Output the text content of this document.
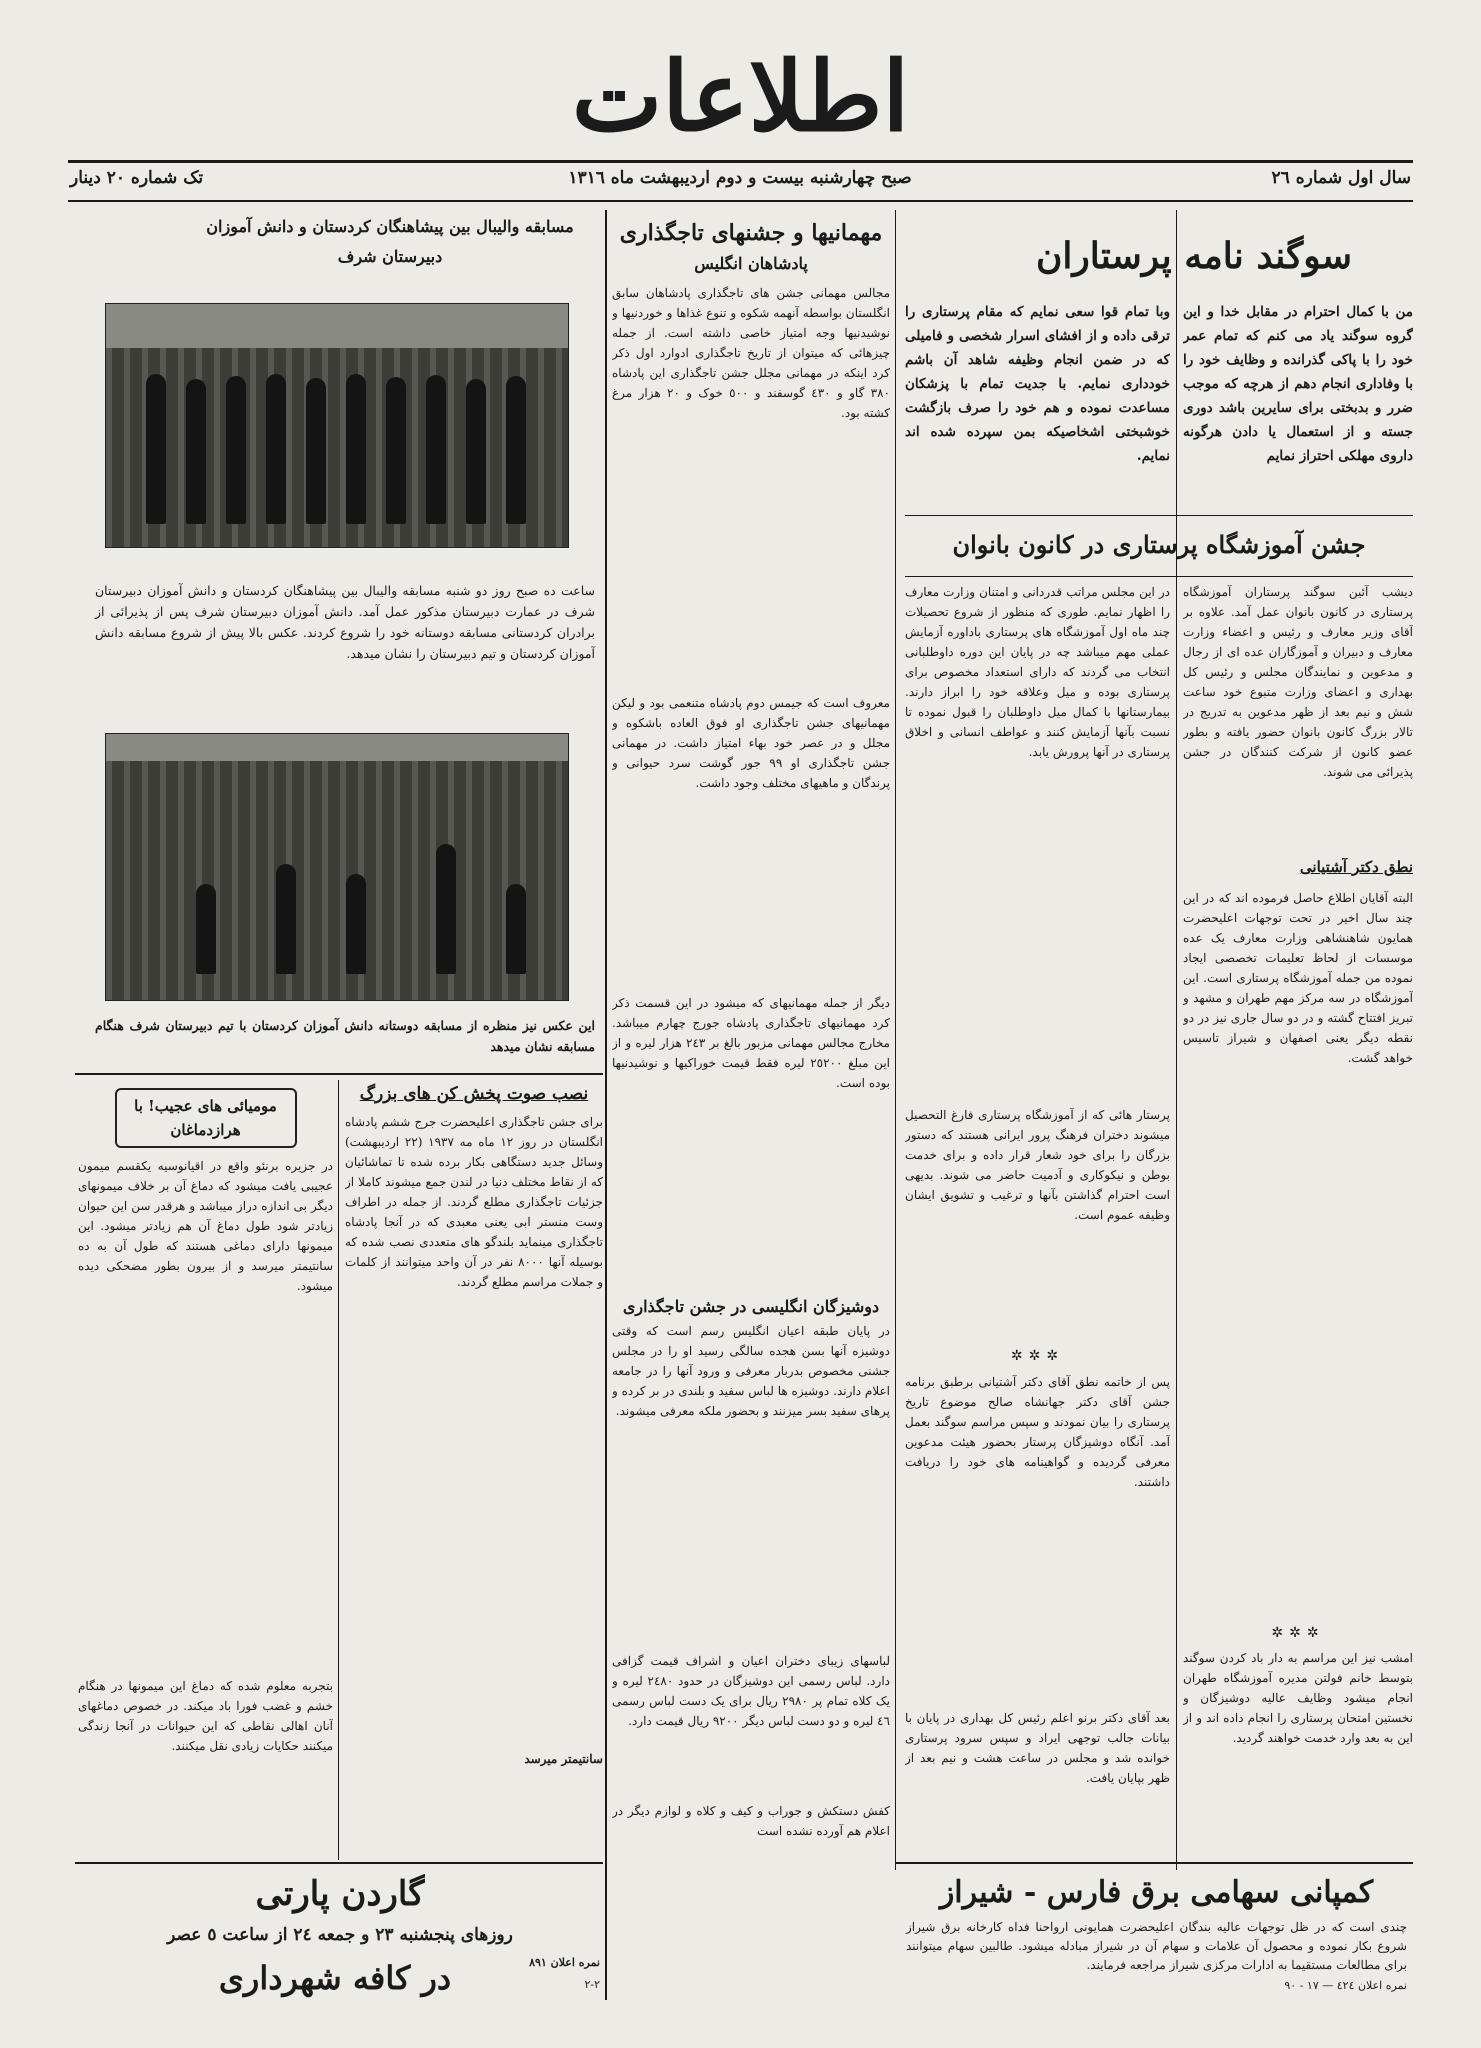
اطلاعات
سال اول شماره ٢٦
صبح چهارشنبه بیست و دوم اردیبهشت ماه ١٣١٦
تک شماره ٢٠ دینار
سوگند نامه پرستاران
من با کمال احترام در مقابل خدا و این گروه سوگند یاد می کنم که تمام عمر خود را با پاکی گذرانده و وظایف خود را با وفاداری انجام دهم از هرچه که موجب ضرر و بدبختی برای سایرین باشد دوری جسته و از استعمال یا دادن هرگونه داروی مهلکی احتراز نمایم
جشن آموزشگاه پرستاری در کانون بانوان
دیشب آئین سوگند پرستاران آموزشگاه پرستاری در کانون بانوان عمل آمد. علاوه بر آقای وزیر معارف و رئیس و اعضاء وزارت معارف و دبیران و آموزگاران عده ای از رجال و مدعوین و نمایندگان مجلس و رئیس کل بهداری و اعضای وزارت متبوع خود ساعت شش و نیم بعد از ظهر مدعوین به تدریج در تالار بزرگ کانون بانوان حضور یافته و بطور عضو کانون از شرکت کنندگان در جشن پذیرائی می شوند.
نطق دکتر آشتیانی
البته آقایان اطلاع حاصل فرموده اند که در این چند سال اخیر در تحت توجهات اعلیحضرت همایون شاهنشاهی وزارت معارف یک عده موسسات از لحاظ تعلیمات تخصصی ایجاد نموده من جمله آموزشگاه پرستاری است. این آموزشگاه در سه مرکز مهم طهران و مشهد و تبریز افتتاح گشته و در دو سال جاری نیز در دو نقطه دیگر یعنی اصفهان و شیراز تاسیس خواهد گشت.
✲✲✲
امشب نیز این مراسم به دار باد کردن سوگند بتوسط خانم فولتن مدیره آموزشگاه طهران انجام میشود وظایف عالیه دوشیزگان و نخستین امتحان پرستاری را انجام داده اند و از این به بعد وارد خدمت خواهند گردید.
کمپانی سهامی برق فارس - شیراز
چندی است که در ظل توجهات عالیه بندگان اعلیحضرت همایونی ارواحنا فداه کارخانه برق شیراز شروع بکار نموده و محصول آن علامات و سهام آن در شیراز مبادله میشود. طالبین سهام میتوانند برای مطالعات مستقیما به ادارات مرکزی شیراز مراجعه فرمایند.
نمره اعلان ٤٢٤ — ١٧ - ٩٠
وبا تمام قوا سعی نمایم که مقام پرستاری را ترقی داده و از افشای اسرار شخصی و فامیلی که در ضمن انجام وظیفه شاهد آن باشم خودداری نمایم. با جدیت تمام با پزشکان مساعدت نموده و هم خود را صرف بازگشت خوشبختی اشخاصیکه بمن سپرده شده اند نمایم.
در این مجلس مراتب قدردانی و امتنان وزارت معارف را اظهار نمایم. طوری که منظور از شروع تحصیلات چند ماه اول آموزشگاه های پرستاری باداوره آزمایش عملی مهم میباشد چه در پایان این دوره داوطلبانی انتخاب می گردند که دارای استعداد مخصوص برای پرستاری بوده و میل وعلاقه خود را ابراز دارند. بیمارستانها با کمال میل داوطلبان را قبول نموده تا نسبت بآنها آزمایش کنند و عواطف انسانی و اخلاق پرستاری در آنها پرورش یابد.
پرستار هائی که از آموزشگاه پرستاری فارغ التحصیل میشوند دختران فرهنگ پرور ایرانی هستند که دستور بزرگان را برای خود شعار قرار داده و برای خدمت بوطن و نیکوکاری و آدمیت حاضر می شوند. بدیهی است احترام گذاشتن بآنها و ترغیب و تشویق ایشان وظیفه عموم است.
✲✲✲
پس از خاتمه نطق آقای دکتر آشتیانی برطبق برنامه جشن آقای دکتر جهانشاه صالح موضوع تاریخ پرستاری را بیان نمودند و سپس مراسم سوگند بعمل آمد. آنگاه دوشیزگان پرستار بحضور هیئت مدعوین معرفی گردیده و گواهینامه های خود را دریافت داشتند.
بعد آقای دکتر برنو اعلم رئیس کل بهداری در پایان با بیانات جالب توجهی ایراد و سپس سرود پرستاری خوانده شد و مجلس در ساعت هشت و نیم بعد از ظهر بپایان یافت.
مهمانیها و جشنهای تاجگذاری
پادشاهان انگلیس
مجالس مهمانی جشن های تاجگذاری پادشاهان سابق انگلستان بواسطه آنهمه شکوه و تنوع غذاها و خوردنیها و نوشیدنیها وجه امتیاز خاصی داشته است. از جمله چیزهائی که میتوان از تاریخ تاجگذاری ادوارد اول ذکر کرد اینکه در مهمانی مجلل جشن تاجگذاری این پادشاه ٣٨٠ گاو و ٤٣٠ گوسفند و ٥٠٠ خوک و ٢٠ هزار مرغ کشته بود.
معروف است که جیمس دوم پادشاه متنعمی بود و لیکن مهمانیهای جشن تاجگذاری او فوق العاده باشکوه و مجلل و در عصر خود بهاء امتیاز داشت. در مهمانی جشن تاجگذاری او ٩٩ جور گوشت سرد حیوانی و پرندگان و ماهیهای مختلف وجود داشت.
دیگر از جمله مهمانیهای که میشود در این قسمت ذکر کرد مهمانیهای تاجگذاری پادشاه جورج چهارم میباشد. مخارج مجالس مهمانی مزبور بالغ بر ٢٤٣ هزار لیره و از این مبلغ ٢٥٢٠٠ لیره فقط قیمت خوراکیها و نوشیدنیها بوده است.
دوشیزگان انگلیسی در جشن تاجگذاری
در پایان طبقه اعیان انگلیس رسم است که وقتی دوشیزه آنها بسن هجده سالگی رسید او را در مجلس جشنی مخصوص بدربار معرفی و ورود آنها را در جامعه اعلام دارند. دوشیزه ها لباس سفید و بلندی در بر کرده و پرهای سفید بسر میزنند و بحضور ملکه معرفی میشوند.
لباسهای زیبای دختران اعیان و اشراف قیمت گزافی دارد. لباس رسمی این دوشیزگان در حدود ٢٤٨٠ لیره و یک کلاه تمام پر ٢٩٨٠ ریال برای یک دست لباس رسمی ٤٦ لیره و دو دست لباس دیگر ٩٢٠٠ ریال قیمت دارد.
کفش دستکش و جوراب و کیف و کلاه و لوازم دیگر در اعلام هم آورده نشده است
مسابقه والیبال بین پیشاهنگان کردستان و دانش آموزان دبیرستان شرف
ساعت ده صبح روز دو شنبه مسابقه والیبال بین پیشاهنگان کردستان و دانش آموزان دبیرستان شرف در عمارت دبیرستان مذکور عمل آمد. دانش آموزان دبیرستان شرف پس از پذیرائی از برادران کردستانی مسابقه دوستانه خود را شروع کردند. عکس بالا پیش از شروع مسابقه دانش آموزان کردستان و تیم دبیرستان را نشان میدهد.
این عکس نیز منظره از مسابقه دوستانه دانش آموزان کردستان با تیم دبیرستان شرف هنگام مسابقه نشان میدهد
نصب صوت پخش کن های بزرگ
برای جشن تاجگذاری اعلیحضرت جرج ششم پادشاه انگلستان در روز ١٢ ماه مه ١٩٣٧ (٢٢ اردیبهشت) وسائل جدید دستگاهی بکار برده شده تا تماشائیان که از نقاط مختلف دنیا در لندن جمع میشوند کاملا از جزئیات تاجگذاری مطلع گردند. از جمله در اطراف وست منستر ابی یعنی معبدی که در آنجا پادشاه تاجگذاری مینماید بلندگو های متعددی نصب شده که بوسیله آنها ٨٠٠٠ نفر در آن واحد میتوانند از کلمات و جملات مراسم مطلع گردند.
سانتیمتر میرسد
مومیائی های عجیب! با هرازدماغان
در جزیره برنئو واقع در اقیانوسیه یکقسم میمون عجیبی یافت میشود که دماغ آن بر خلاف میمونهای دیگر بی اندازه دراز میباشد و هرقدر سن این حیوان زیادتر شود طول دماغ آن هم زیادتر میشود. این میمونها دارای دماغی هستند که طول آن به ده سانتیمتر میرسد و از بیرون بطور مضحکی دیده میشود.
بتجربه معلوم شده که دماغ این میمونها در هنگام خشم و غضب فورا باد میکند. در خصوص دماغهای آنان اهالی نقاطی که این حیوانات در آنجا زندگی میکنند حکایات زیادی نقل میکنند.
گاردن پارتی
روزهای پنجشنبه ٢٣ و جمعه ٢٤ از ساعت ٥ عصر
نمره اعلان ٨٩١
٢-٢
در کافه شهرداری
